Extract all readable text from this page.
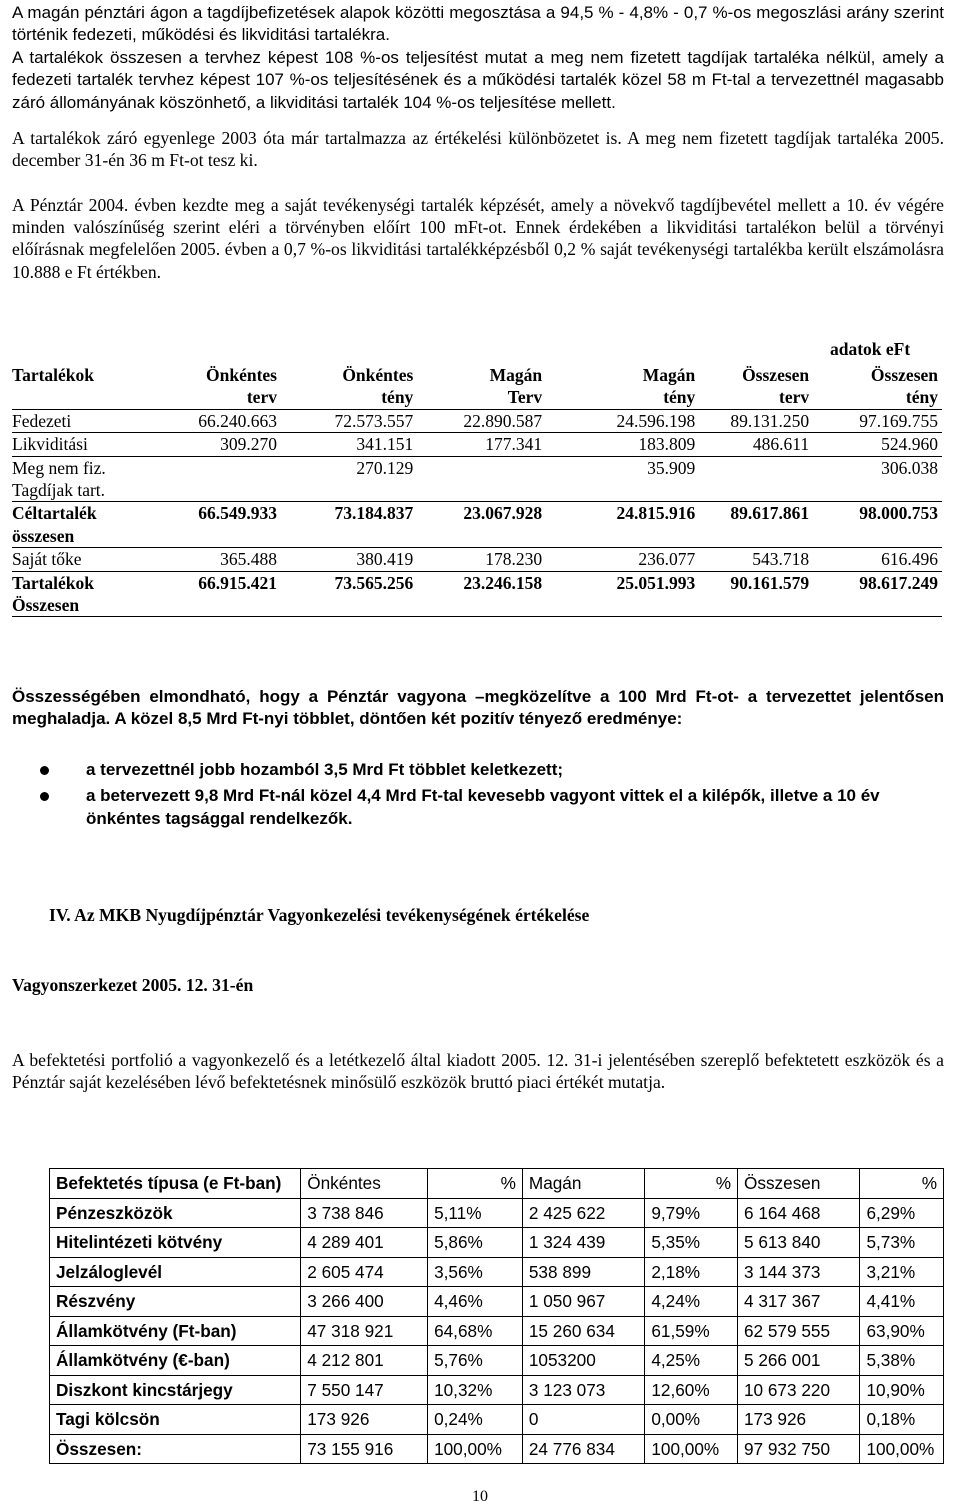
A magán pénztári ágon a tagdíjbefizetések alapok közötti megosztása a 94,5 % - 4,8% - 0,7 %-os megoszlási arány szerint történik fedezeti, működési és likviditási tartalékra.

A tartalékok összesen a tervhez képest 108 %-os teljesítést mutat a meg nem fizetett tagdíjak tartaléka nélkül, amely a fedezeti tartalék tervhez képest 107 %-os teljesítésének és a működési tartalék közel 58 m Ft-tal a tervezettnél magasabb záró állományának köszönhető, a likviditási tartalék 104 %-os teljesítése mellett.

A tartalékok záró egyenlege 2003 óta már tartalmazza az értékelési különbözetet is. A meg nem fizetett tagdíjak tartaléka 2005. december 31-én 36 m Ft-ot tesz ki.

A Pénztár 2004. évben kezdte meg a saját tevékenységi tartalék képzését, amely a növekvő tagdíjbevétel mellett a 10. év végére minden valószínűség szerint eléri a törvényben előírt 100 mFt-ot. Ennek érdekében a likviditási tartalékon belül a törvényi előírásnak megfelelően 2005. évben a 0,7 %-os likviditási tartalékképzésből 0,2 % saját tevékenységi tartalékba került elszámolásra 10.888 e Ft értékben.

adatok eFt
Tartalékok	Önkéntes	Önkéntes	Magán	Magán	Összesen	Összesen
	terv	tény	Terv	tény	terv	tény

Fedezeti	66.240.663	72.573.557	22.890.587	24.596.198	89.131.250	97.169.755

Likviditási	309.270	341.151	177.341	183.809	486.611	524.960

Meg nem fiz.
Tagdíjak tart.		270.129		35.909		306.038

Céltartalék
összesen	66.549.933	73.184.837	23.067.928	24.815.916	89.617.861	98.000.753

Saját tőke	365.488	380.419	178.230	236.077	543.718	616.496

Tartalékok
Összesen	66.915.421	73.565.256	23.246.158	25.051.993	90.161.579	98.617.249

Összességében elmondható, hogy a Pénztár vagyona –megközelítve a 100 Mrd Ft-ot- a tervezettet jelentősen meghaladja. A közel 8,5 Mrd Ft-nyi többlet, döntően két pozitív tényező eredménye:

a tervezettnél jobb hozamból 3,5 Mrd Ft többlet keletkezett;
a betervezett 9,8 Mrd Ft-nál közel 4,4 Mrd Ft-tal kevesebb vagyont vittek el a kilépők, illetve a 10 év önkéntes tagsággal rendelkezők.
IV. Az MKB Nyugdíjpénztár Vagyonkezelési tevékenységének értékelése
Vagyonszerkezet 2005. 12. 31-én

A befektetési portfolió a vagyonkezelő és a letétkezelő által kiadott 2005. 12. 31-i jelentésében szereplő befektetett eszközök és a Pénztár saját kezelésében lévő befektetésnek minősülő eszközök bruttó piaci értékét mutatja.

Befektetés típusa (e Ft-ban)	Önkéntes	%	Magán	%	Összesen	%
Pénzeszközök	3 738 846	5,11%	2 425 622	9,79%	6 164 468	6,29%
Hitelintézeti kötvény	4 289 401	5,86%	1 324 439	5,35%	5 613 840	5,73%
Jelzáloglevél	2 605 474	3,56%	538 899	2,18%	3 144 373	3,21%
Részvény	3 266 400	4,46%	1 050 967	4,24%	4 317 367	4,41%
Államkötvény (Ft-ban)	47 318 921	64,68%	15 260 634	61,59%	62 579 555	63,90%
Államkötvény (€-ban)	4 212 801	5,76%	1053200	4,25%	5 266 001	5,38%
Diszkont kincstárjegy	7 550 147	10,32%	3 123 073	12,60%	10 673 220	10,90%
Tagi kölcsön	173 926	0,24%	0	0,00%	173 926	0,18%
Összesen:	73 155 916	100,00%	24 776 834	100,00%	97 932 750	100,00%
10
